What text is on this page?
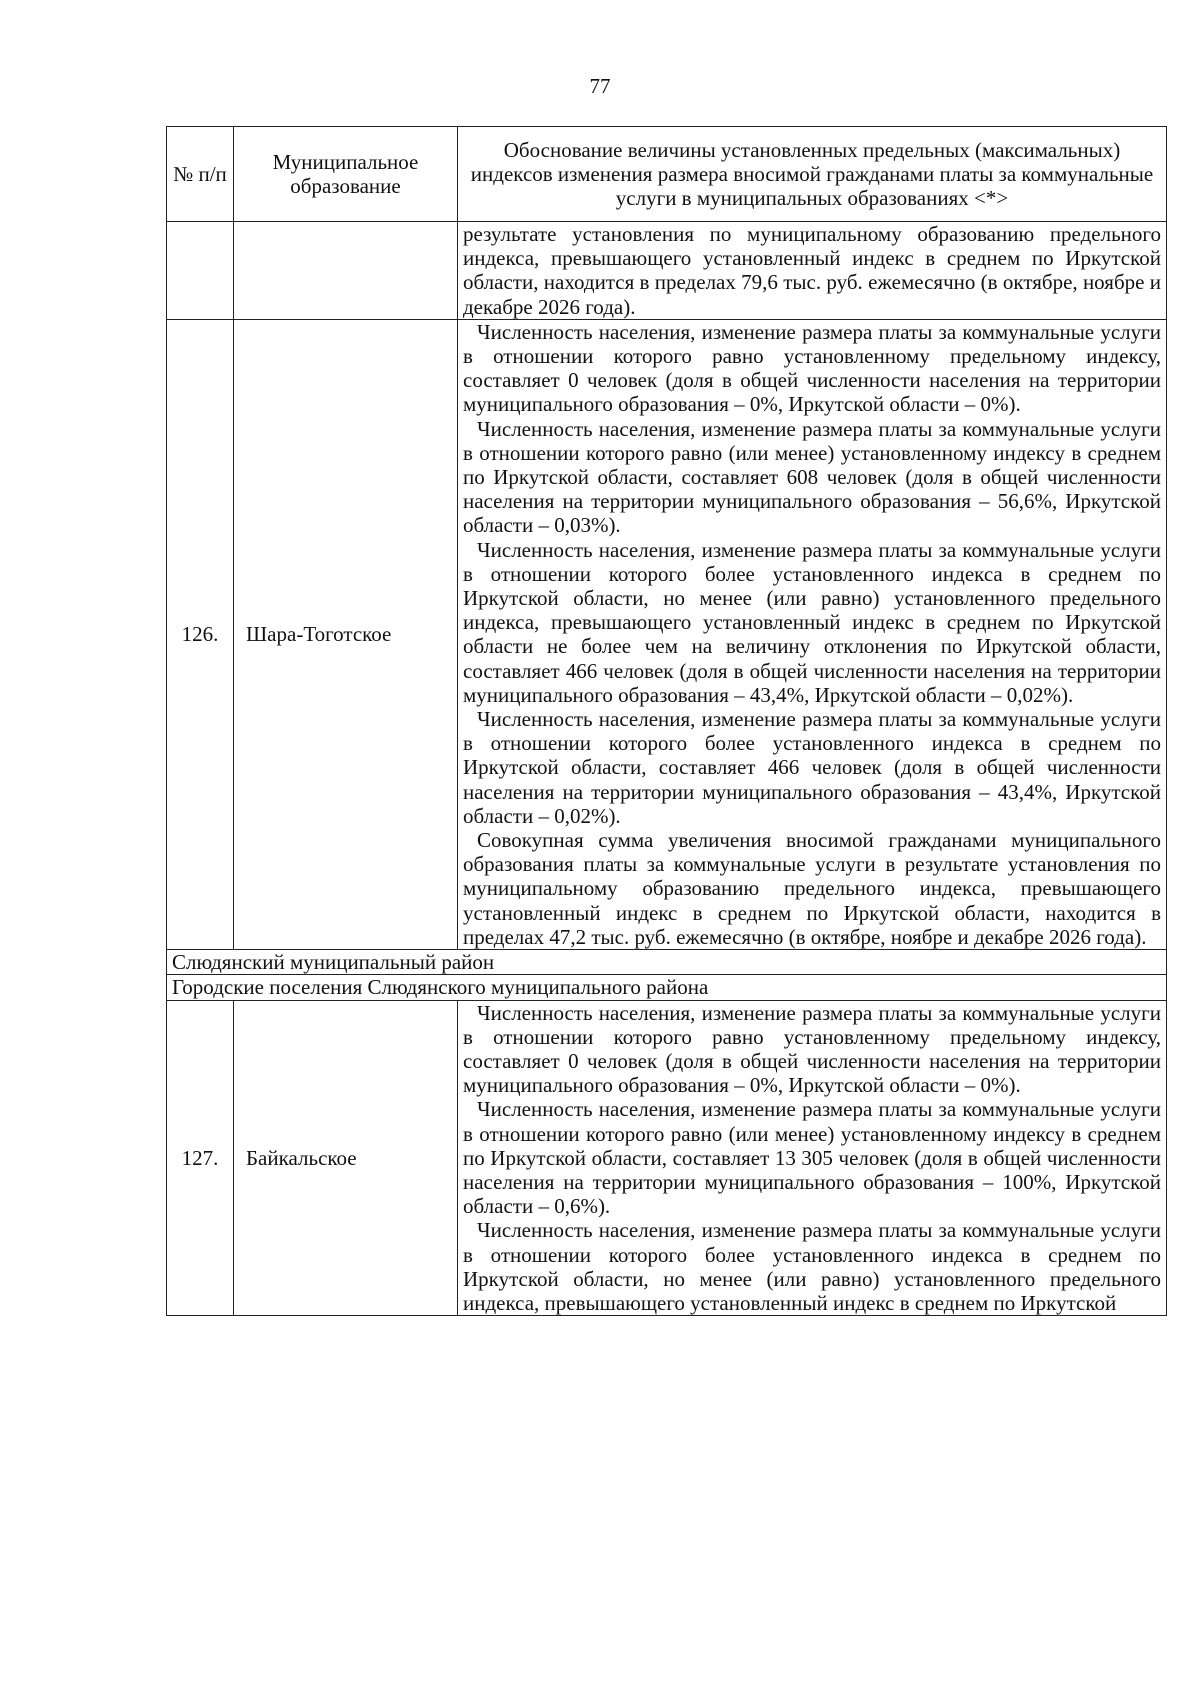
77
№ п/п	Муниципальное образование	Обоснование величины установленных предельных (максимальных) индексов изменения размера вносимой гражданами платы за коммунальные услуги в муниципальных образованиях <*>

		результате установления по муниципальному образованию предельного индекса, превышающего установленный индекс в среднем по Иркутской области, находится в пределах 79,6 тыс. руб. ежемесячно (в октябре, ноябре и декабре 2026 года).

126.	Шара-Тоготское	Численность населения, изменение размера платы за коммунальные услуги в отношении которого равно установленному предельному индексу, составляет 0 человек (доля в общей численности населения на территории муниципального образования – 0%, Иркутской области – 0%).

Численность населения, изменение размера платы за коммунальные услуги в отношении которого равно (или менее) установленному индексу в среднем по Иркутской области, составляет 608 человек (доля в общей численности населения на территории муниципального образования – 56,6%, Иркутской области – 0,03%).

Численность населения, изменение размера платы за коммунальные услуги в отношении которого более установленного индекса в среднем по Иркутской области, но менее (или равно) установленного предельного индекса, превышающего установленный индекс в среднем по Иркутской области не более чем на величину отклонения по Иркутской области, составляет 466 человек (доля в общей численности населения на территории муниципального образования – 43,4%, Иркутской области – 0,02%).

Численность населения, изменение размера платы за коммунальные услуги в отношении которого более установленного индекса в среднем по Иркутской области, составляет 466 человек (доля в общей численности населения на территории муниципального образования – 43,4%, Иркутской области – 0,02%).

Совокупная сумма увеличения вносимой гражданами муниципального образования платы за коммунальные услуги в результате установления по муниципальному образованию предельного индекса, превышающего установленный индекс в среднем по Иркутской области, находится в пределах 47,2 тыс. руб. ежемесячно (в октябре, ноябре и декабре 2026 года).

Слюдянский муниципальный район		
Городские поселения Слюдянского муниципального района		
127.	Байкальское	Численность населения, изменение размера платы за коммунальные услуги в отношении которого равно установленному предельному индексу, составляет 0 человек (доля в общей численности населения на территории муниципального образования – 0%, Иркутской области – 0%).

Численность населения, изменение размера платы за коммунальные услуги в отношении которого равно (или менее) установленному индексу в среднем по Иркутской области, составляет 13 305 человек (доля в общей численности населения на территории муниципального образования – 100%, Иркутской области – 0,6%).

Численность населения, изменение размера платы за коммунальные услуги в отношении которого более установленного индекса в среднем по Иркутской области, но менее (или равно) установленного предельного индекса, превышающего установленный индекс в среднем по Иркутской
